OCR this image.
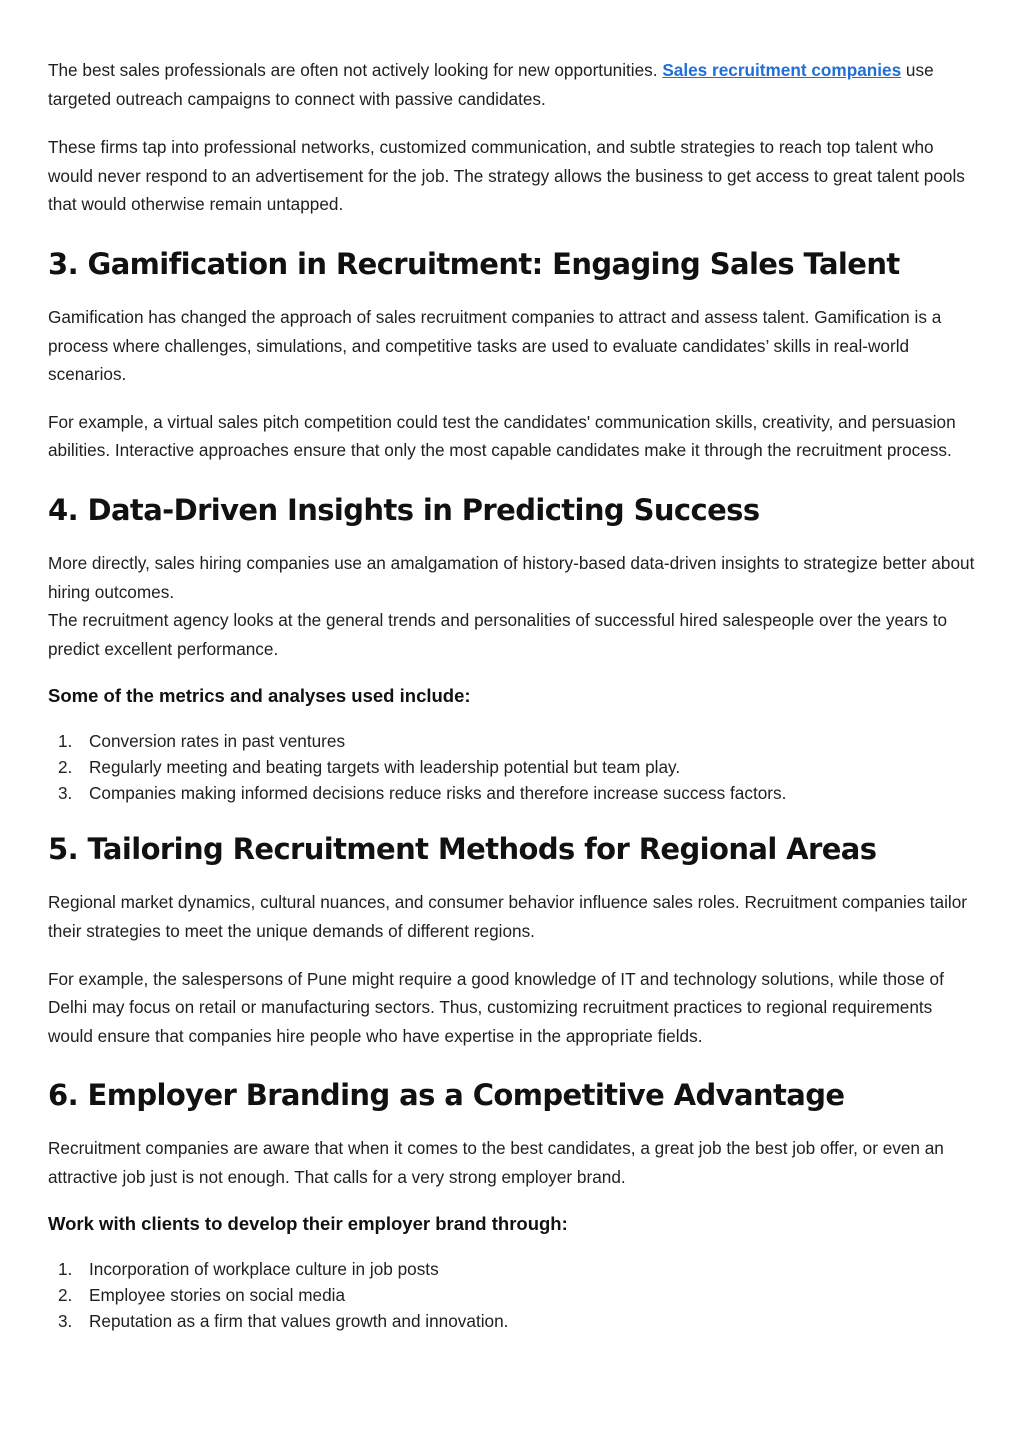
The best sales professionals are often not actively looking for new opportunities. Sales recruitment companies use targeted outreach campaigns to connect with passive candidates.

These firms tap into professional networks, customized communication, and subtle strategies to reach top talent who would never respond to an advertisement for the job. The strategy allows the business to get access to great talent pools that would otherwise remain untapped.

3. Gamification in Recruitment: Engaging Sales Talent

Gamification has changed the approach of sales recruitment companies to attract and assess talent. Gamification is a process where challenges, simulations, and competitive tasks are used to evaluate candidates’ skills in real-world scenarios.

For example, a virtual sales pitch competition could test the candidates' communication skills, creativity, and persuasion abilities. Interactive approaches ensure that only the most capable candidates make it through the recruitment process.

4. Data-Driven Insights in Predicting Success

More directly, sales hiring companies use an amalgamation of history-based data-driven insights to strategize better about hiring outcomes.

The recruitment agency looks at the general trends and personalities of successful hired salespeople over the years to predict excellent performance.

Some of the metrics and analyses used include:
1. Conversion rates in past ventures
2. Regularly meeting and beating targets with leadership potential but team play.
3. Companies making informed decisions reduce risks and therefore increase success factors.
5. Tailoring Recruitment Methods for Regional Areas

Regional market dynamics, cultural nuances, and consumer behavior influence sales roles. Recruitment companies tailor their strategies to meet the unique demands of different regions.

For example, the salespersons of Pune might require a good knowledge of IT and technology solutions, while those of Delhi may focus on retail or manufacturing sectors. Thus, customizing recruitment practices to regional requirements would ensure that companies hire people who have expertise in the appropriate fields.

6. Employer Branding as a Competitive Advantage

Recruitment companies are aware that when it comes to the best candidates, a great job the best job offer, or even an attractive job just is not enough. That calls for a very strong employer brand.

Work with clients to develop their employer brand through:
1. Incorporation of workplace culture in job posts
2. Employee stories on social media
3. Reputation as a firm that values growth and innovation.
